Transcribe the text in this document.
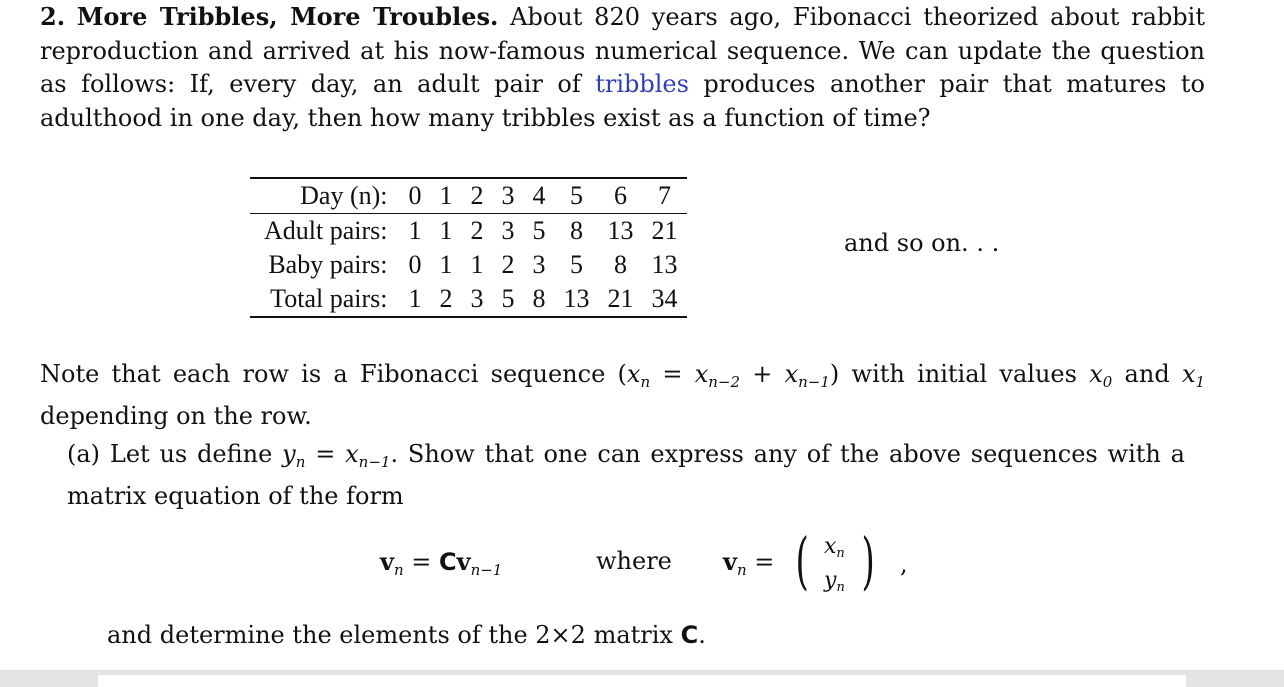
2. More Tribbles, More Troubles. About 820 years ago, Fibonacci theorized about rabbit reproduction and arrived at his now-famous numerical sequence. We can update the question as follows: If, every day, an adult pair of tribbles produces another pair that matures to adulthood in one day, then how many tribbles exist as a function of time?
Day (n):	0	1	2	3	4	5	6	7
Adult pairs:	1	1	2	3	5	8	13	21
Baby pairs:	0	1	1	2	3	5	8	13
Total pairs:	1	2	3	5	8	13	21	34
and so on. . .
Note that each row is a Fibonacci sequence $(x_n = x_{n-2} + x_{n-1})$ with initial values $x_0$ and $x_1$ depending on the row.
(a) Let us define $y_n = x_{n-1}$. Show that one can express any of the above sequences with a matrix equation of the form
$v_n = Cv_{n-1}$	where $v_n$ = ( xn
yn ) ,
and determine the elements of the 2×2 matrix C.
